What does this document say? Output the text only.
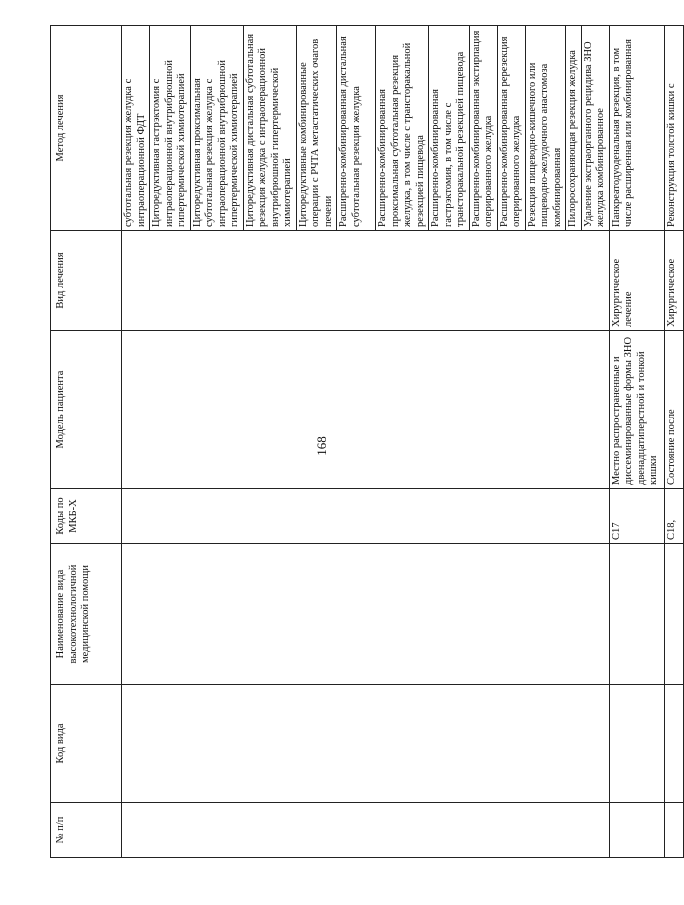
168
№ п/п	Код вида	Наименование вида высокотехнологичной медицинской помощи	Коды по МКБ-X	Модель пациента	Вид лечения	Метод лечения
						субтотальная резекция желудка с интраоперационной ФДТ
						Циторедуктивная гастрэктомия с интраоперационной внутрибрюшной гипертермической химиотерапией
						Циторедуктивная проксимальная субтотальная резекция желудка с интраоперационной внутрибрюшной гипертермической химиотерапией
						Циторедуктивная дистальная субтотальная резекция желудка с интраоперационной внутрибрюшной гипертермической химиотерапией
						Циторедуктивные комбинированные операции с РЧТА метастатических очагов печени
						Расширенно-комбинированная дистальная субтотальная резекция желудка
						Расширенно-комбинированная проксимальная субтотальная резекция желудка, в том числе с трансторакальной резекцией пищевода
						Расширенно-комбинированная гастрэктомия, в том числе с трансторакальной резекцией пищевода
						Расширенно-комбинированная экстирпация оперированного желудка
						Расширенно-комбинированная ререзекция оперированного желудка
						Резекция пищеводно-кишечного или пищеводно-желудочного анастомоза комбинированная
						Пилоросохраняющая резекция желудка
						Удаление экстраорганного рецидива ЗНО желудка комбинированное
			C17	Местно распространенные и диссеминированные формы ЗНО двенадцатиперстной и тонкой кишки	Хирургическое лечение	Панкреатодуоденальная резекция, в том числе расширенная или комбинированная
			C18,	Состояние после	Хирургическое	Реконструкция толстой кишки с
